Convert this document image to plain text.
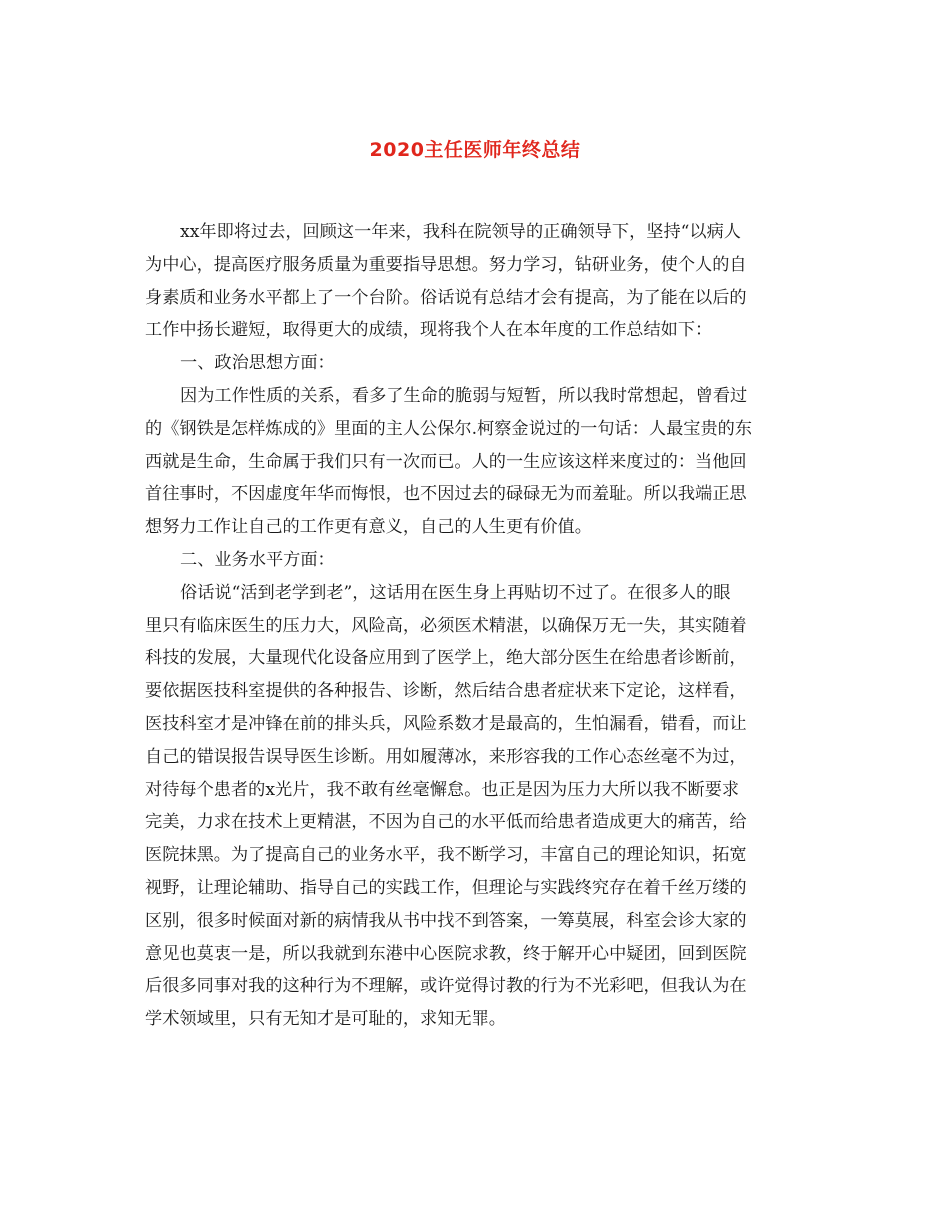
2020主任医师年终总结
xx年即将过去，回顾这一年来，我科在院领导的正确领导下，坚持“以病人
为中心，提高医疗服务质量为重要指导思想。努力学习，钻研业务，使个人的自
身素质和业务水平都上了一个台阶。俗话说有总结才会有提高，为了能在以后的
工作中扬长避短，取得更大的成绩，现将我个人在本年度的工作总结如下：
一、政治思想方面：
因为工作性质的关系，看多了生命的脆弱与短暂，所以我时常想起，曾看过
的《钢铁是怎样炼成的》里面的主人公保尔.柯察金说过的一句话：人最宝贵的东
西就是生命，生命属于我们只有一次而已。人的一生应该这样来度过的：当他回
首往事时，不因虚度年华而悔恨，也不因过去的碌碌无为而羞耻。所以我端正思
想努力工作让自己的工作更有意义，自己的人生更有价值。
二、业务水平方面：
俗话说“活到老学到老”，这话用在医生身上再贴切不过了。在很多人的眼
里只有临床医生的压力大，风险高，必须医术精湛，以确保万无一失，其实随着
科技的发展，大量现代化设备应用到了医学上，绝大部分医生在给患者诊断前，
要依据医技科室提供的各种报告、诊断，然后结合患者症状来下定论，这样看，
医技科室才是冲锋在前的排头兵，风险系数才是最高的，生怕漏看，错看，而让
自己的错误报告误导医生诊断。用如履薄冰，来形容我的工作心态丝毫不为过，
对待每个患者的x光片，我不敢有丝毫懈怠。也正是因为压力大所以我不断要求
完美，力求在技术上更精湛，不因为自己的水平低而给患者造成更大的痛苦，给
医院抹黑。为了提高自己的业务水平，我不断学习，丰富自己的理论知识，拓宽
视野，让理论辅助、指导自己的实践工作，但理论与实践终究存在着千丝万缕的
区别，很多时候面对新的病情我从书中找不到答案，一筹莫展，科室会诊大家的
意见也莫衷一是，所以我就到东港中心医院求教，终于解开心中疑团，回到医院
后很多同事对我的这种行为不理解，或许觉得讨教的行为不光彩吧，但我认为在
学术领域里，只有无知才是可耻的，求知无罪。
